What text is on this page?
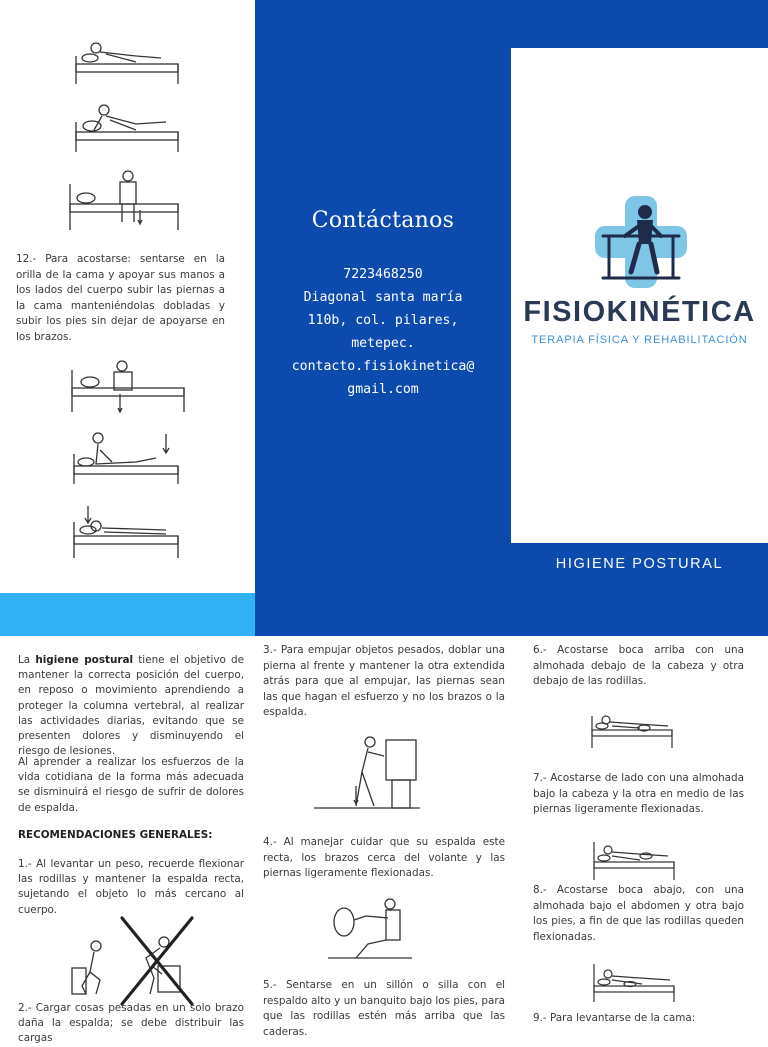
12.- Para acostarse: sentarse en la orilla de la cama y apoyar sus manos a los lados del cuerpo subir las piernas a la cama manteniéndolas dobladas y subir los pies sin dejar de apoyarse en los brazos.
Contáctanos
7223468250
Diagonal santa maría
110b, col. pilares,
metepec.
contacto.fisiokinetica@
gmail.com
FISIOKINÉTICA
TERAPIA FÍSICA Y REHABILITACIÓN
HIGIENE POSTURAL
La higiene postural tiene el objetivo de mantener la correcta posición del cuerpo, en reposo o movimiento aprendiendo a proteger la columna vertebral, al realizar las actividades diarias, evitando que se presenten dolores y disminuyendo el riesgo de lesiones.
Al aprender a realizar los esfuerzos de la vida cotidiana de la forma más adecuada se disminuirá el riesgo de sufrir de dolores de espalda.
RECOMENDACIONES GENERALES:
1.- Al levantar un peso, recuerde flexionar las rodillas y mantener la espalda recta, sujetando el objeto lo más cercano al cuerpo.
2.- Cargar cosas pesadas en un solo brazo daña la espalda; se debe distribuir las cargas
3.- Para empujar objetos pesados, doblar una pierna al frente y mantener la otra extendida atrás para que al empujar, las piernas sean las que hagan el esfuerzo y no los brazos o la espalda.
4.- Al manejar cuidar que su espalda este recta, los brazos cerca del volante y las piernas ligeramente flexionadas.
5.- Sentarse en un sillón o silla con el respaldo alto y un banquito bajo los pies, para que las rodillas estén más arriba que las caderas.
6.- Acostarse boca arriba con una almohada debajo de la cabeza y otra debajo de las rodillas.
7.- Acostarse de lado con una almohada bajo la cabeza y la otra en medio de las piernas ligeramente flexionadas.
8.- Acostarse boca abajo, con una almohada bajo el abdomen y otra bajo los pies, a fin de que las rodillas queden flexionadas.
9.- Para levantarse de la cama:
